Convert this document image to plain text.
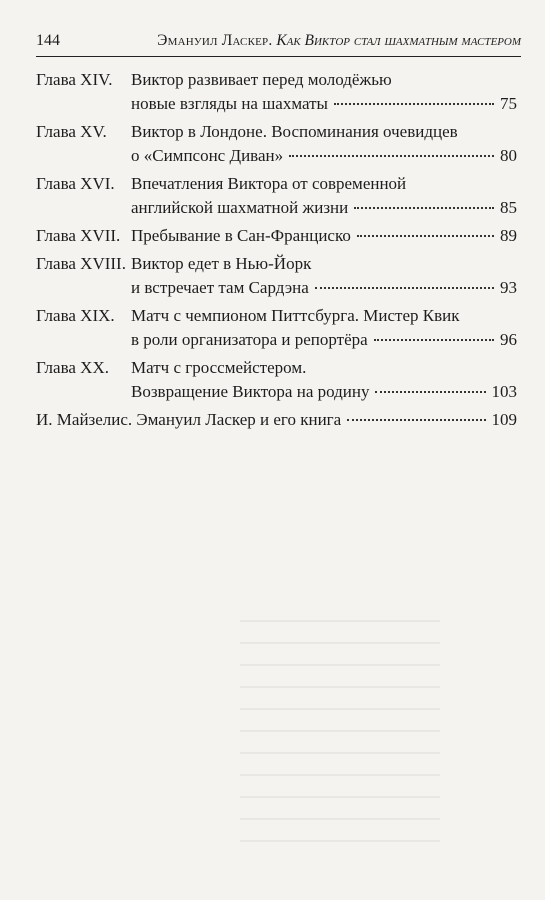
144	Эмануил Ласкер. Как Виктор стал шахматным мастером
Глава XIV. Виктор развивает перед молодёжью
новые взгляды на шахматы	75
Глава XV. Виктор в Лондоне. Воспоминания очевидцев
о «Симпсонс Диван»	80
Глава XVI. Впечатления Виктора от современной
английской шахматной жизни	85
Глава XVII. Пребывание в Сан-Франциско	89
Глава XVIII. Виктор едет в Нью-Йорк
и встречает там Сардэна	93
Глава XIX. Матч с чемпионом Питтсбурга. Мистер Квик
в роли организатора и репортёра	96
Глава XX. Матч с гроссмейстером.
Возвращение Виктора на родину	103
И. Майзелис. Эмануил Ласкер и его книга	109
